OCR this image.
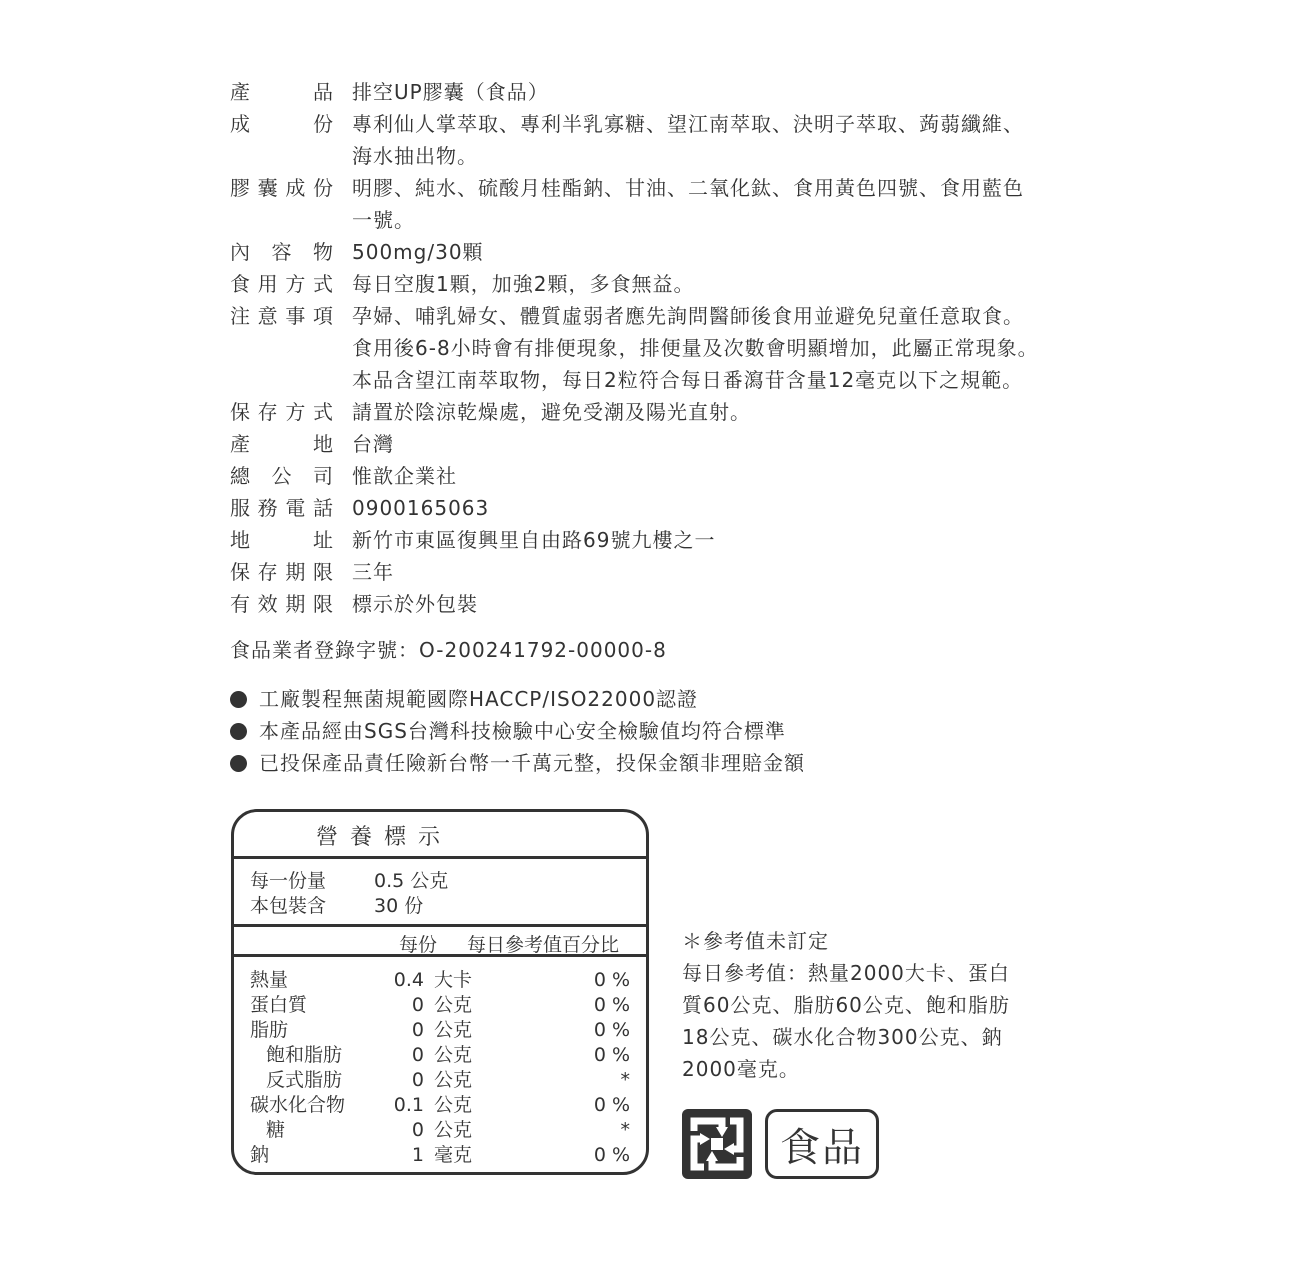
產	品 排空UP膠囊（食品）
成	份 專利仙人掌萃取、專利半乳寡糖、望江南萃取、決明子萃取、蒟蒻纖維、
海水抽出物。
膠 囊 成 份 明膠、純水、硫酸月桂酯鈉、甘油、二氧化鈦、食用黃色四號、食用藍色
一號。
內 容 物 500mg/30顆
食 用 方 式 每日空腹1顆，加強2顆，多食無益。
注 意 事 項 孕婦、哺乳婦女、體質虛弱者應先詢問醫師後食用並避免兒童任意取食。
食用後6-8小時會有排便現象，排便量及次數會明顯增加，此屬正常現象。
本品含望江南萃取物，每日2粒符合每日番瀉苷含量12毫克以下之規範。
保 存 方 式 請置於陰涼乾燥處，避免受潮及陽光直射。
產	地 台灣
總 公 司 惟歆企業社
服 務 電 話 0900165063
地	址 新竹市東區復興里自由路69號九樓之一
保 存 期 限 三年
有 效 期 限 標示於外包裝
食品業者登錄字號：O-200241792-00000-8
工廠製程無菌規範國際HACCP/ISO22000認證
本產品經由SGS台灣科技檢驗中心安全檢驗值均符合標準
已投保產品責任險新台幣一千萬元整，投保金額非理賠金額
營養標示
每一份量	0.5 公克
本包裝含	30 份
每份 每日參考值百分比
熱量	0.4 大卡	0 %
蛋白質	0 公克	0 %
脂肪	0 公克	0 %
飽和脂肪	0 公克	0 %
反式脂肪	0 公克	*
碳水化合物	0.1 公克	0 %
糖	0 公克	*
鈉	1 毫克	0 %
＊參考值未訂定
每日參考值：熱量2000大卡、蛋白
質60公克、脂肪60公克、飽和脂肪
18公克、碳水化合物300公克、鈉
2000毫克。
食品
